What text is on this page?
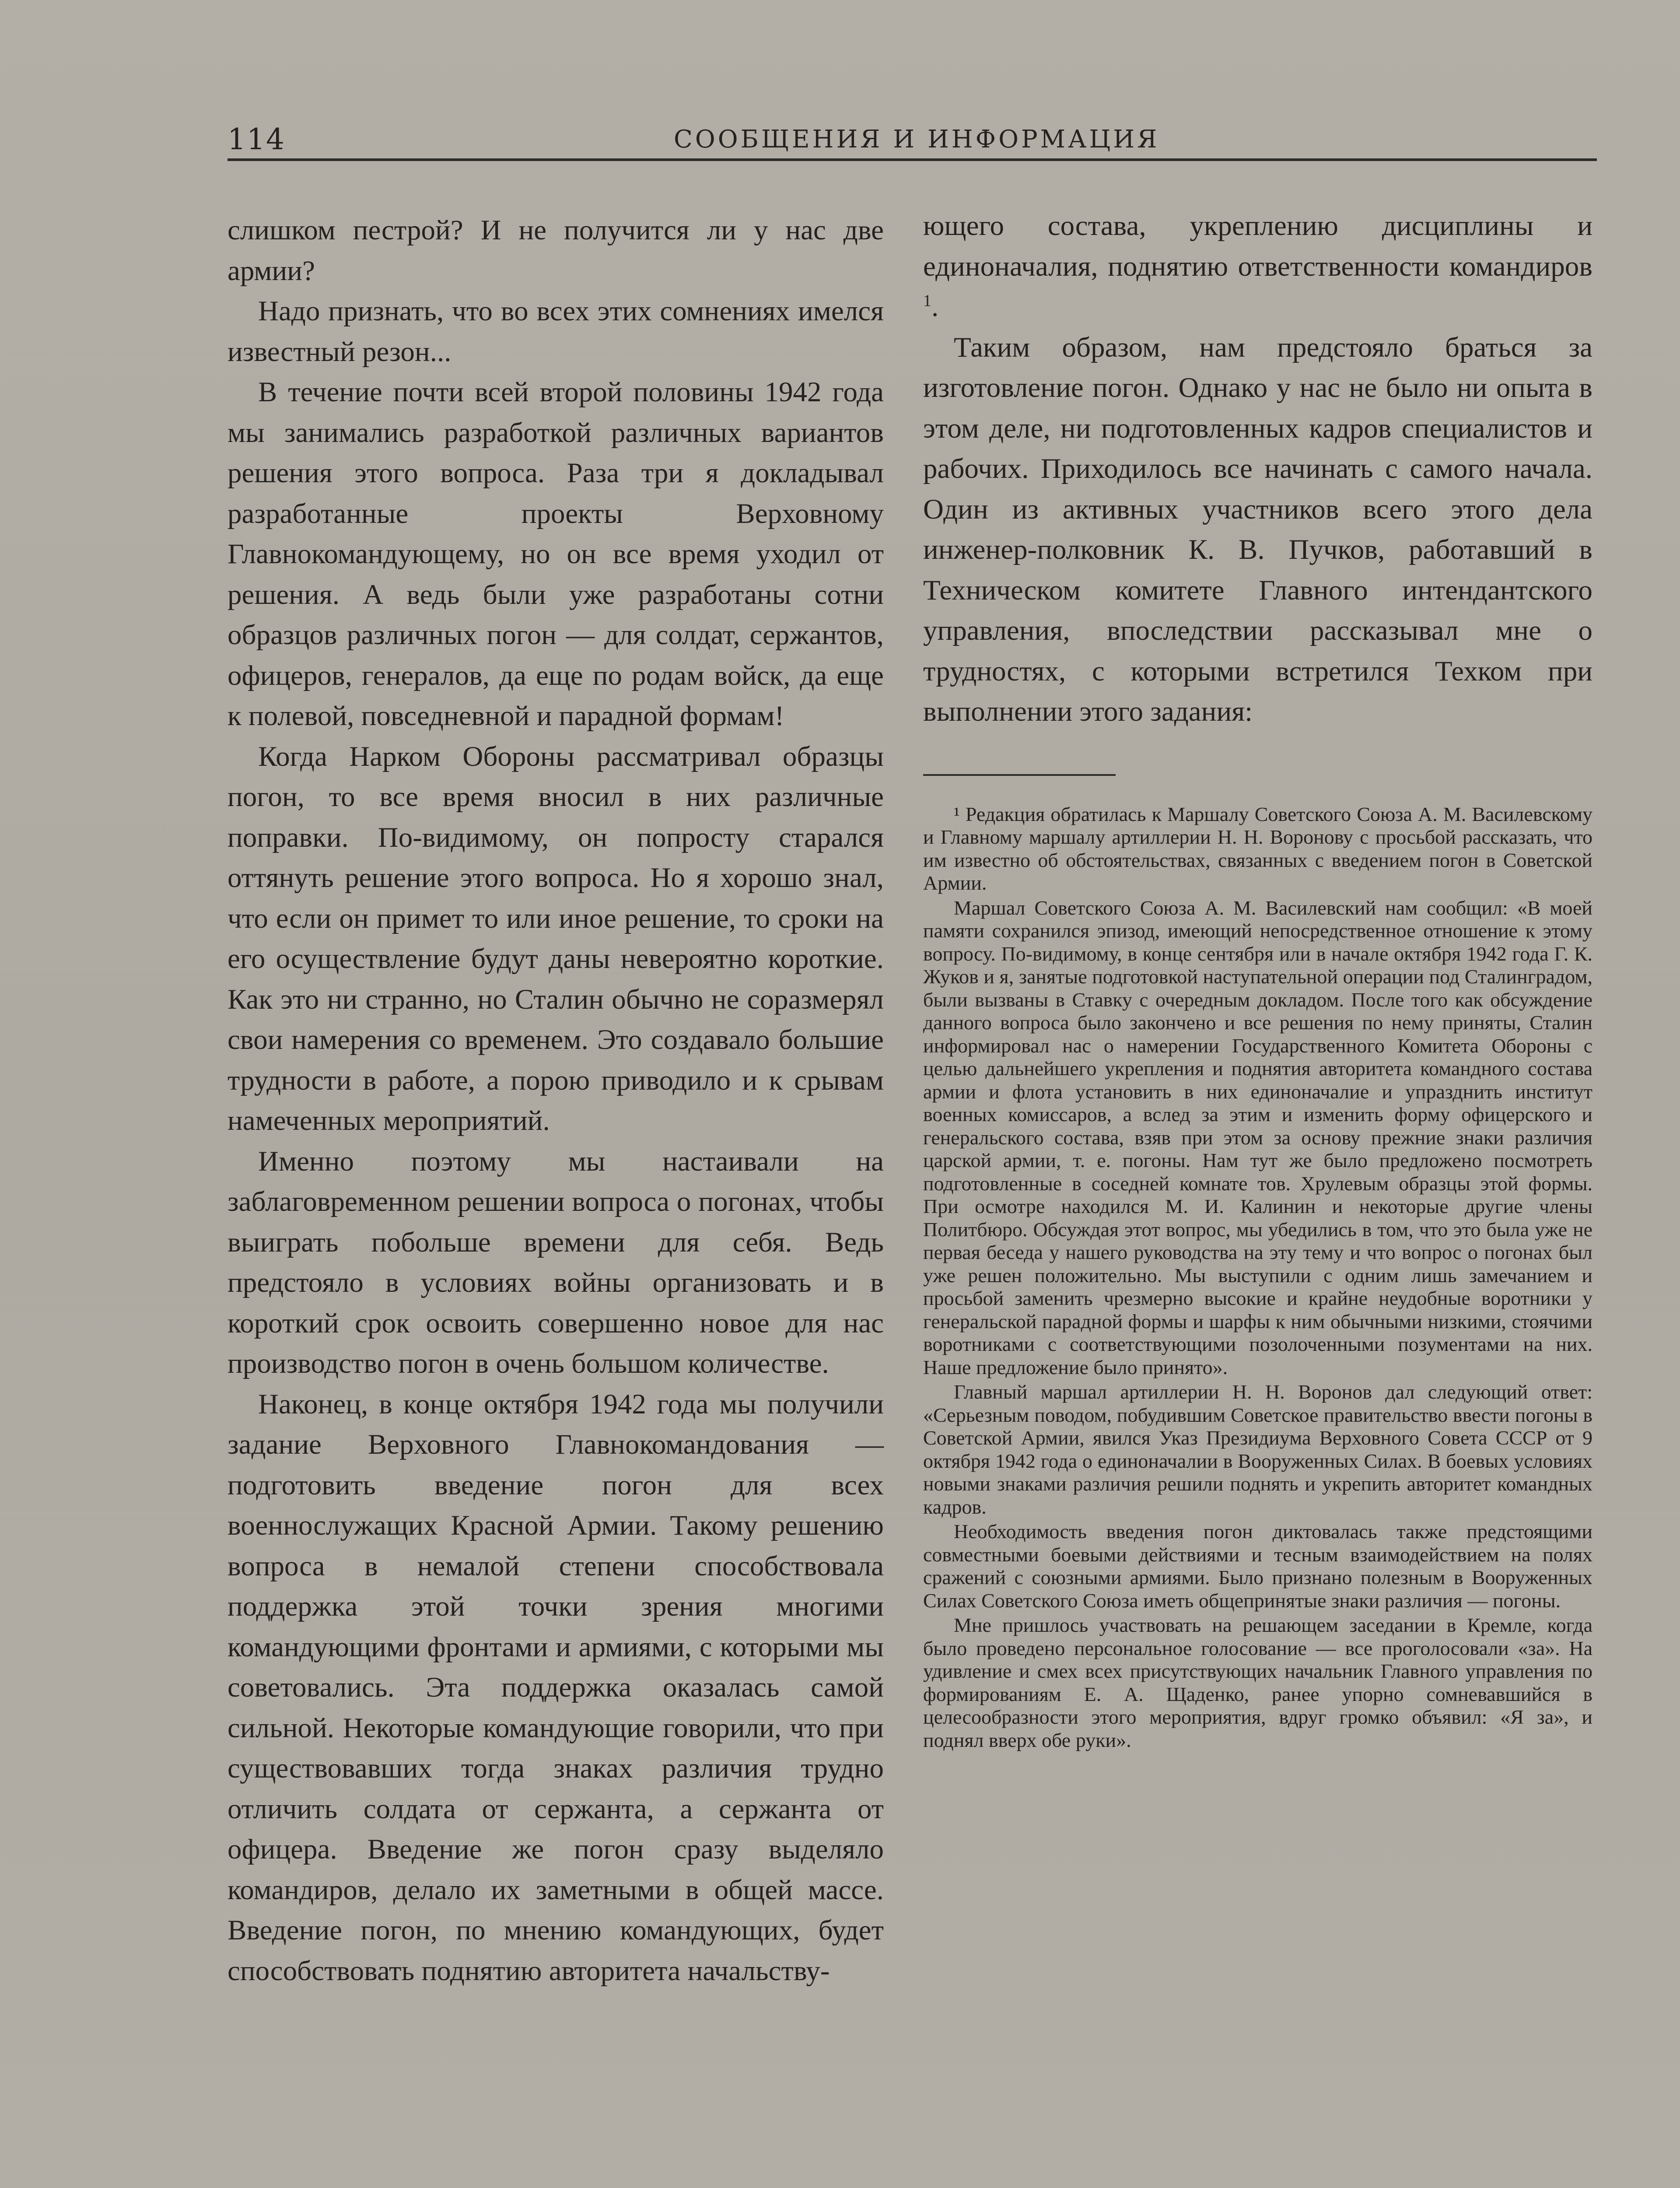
114	СООБЩЕНИЯ И ИНФОРМАЦИЯ

слишком пестрой? И не получится ли у нас две армии?

Надо признать, что во всех этих сомнениях имелся известный резон...

В течение почти всей второй половины 1942 года мы занимались разработкой различных вариантов решения этого вопроса. Раза три я докладывал разработанные проекты Верховному Главнокомандующему, но он все время уходил от решения. А ведь были уже разработаны сотни образцов различных погон — для солдат, сержантов, офицеров, генералов, да еще по родам войск, да еще к полевой, повседневной и парадной формам!

Когда Нарком Обороны рассматривал образцы погон, то все время вносил в них различные поправки. По-видимому, он попросту старался оттянуть решение этого вопроса. Но я хорошо знал, что если он примет то или иное решение, то сроки на его осуществление будут даны невероятно короткие. Как это ни странно, но Сталин обычно не соразмерял свои намерения со временем. Это создавало большие трудности в работе, а порою приводило и к срывам намеченных мероприятий.

Именно поэтому мы настаивали на заблаговременном решении вопроса о погонах, чтобы выиграть побольше времени для себя. Ведь предстояло в условиях войны организовать и в короткий срок освоить совершенно новое для нас производство погон в очень большом количестве.

Наконец, в конце октября 1942 года мы получили задание Верховного Главнокомандования — подготовить введение погон для всех военнослужащих Красной Армии. Такому решению вопроса в немалой степени способствовала поддержка этой точки зрения многими командующими фронтами и армиями, с которыми мы советовались. Эта поддержка оказалась самой сильной. Некоторые командующие говорили, что при существовавших тогда знаках различия трудно отличить солдата от сержанта, а сержанта от офицера. Введение же погон сразу выделяло командиров, делало их заметными в общей массе. Введение погон, по мнению командующих, будет способствовать поднятию авторитета начальству-

ющего состава, укреплению дисциплины и единоначалия, поднятию ответственности командиров $^1$.

Таким образом, нам предстояло браться за изготовление погон. Однако у нас не было ни опыта в этом деле, ни подготовленных кадров специалистов и рабочих. Приходилось все начинать с самого начала. Один из активных участников всего этого дела инженер-полковник К. В. Пучков, работавший в Техническом комитете Главного интендантского управления, впоследствии рассказывал мне о трудностях, с которыми встретился Техком при выполнении этого задания:

¹ Редакция обратилась к Маршалу Советского Союза А. М. Василевскому и Главному маршалу артиллерии Н. Н. Воронову с просьбой рассказать, что им известно об обстоятельствах, связанных с введением погон в Советской Армии.

Маршал Советского Союза А. М. Василевский нам сообщил: «В моей памяти сохранился эпизод, имеющий непосредственное отношение к этому вопросу. По-видимому, в конце сентября или в начале октября 1942 года Г. К. Жуков и я, занятые подготовкой наступательной операции под Сталинградом, были вызваны в Ставку с очередным докладом. После того как обсуждение данного вопроса было закончено и все решения по нему приняты, Сталин информировал нас о намерении Государственного Комитета Обороны с целью дальнейшего укрепления и поднятия авторитета командного состава армии и флота установить в них единоначалие и упразднить институт военных комиссаров, а вслед за этим и изменить форму офицерского и генеральского состава, взяв при этом за основу прежние знаки различия царской армии, т. е. погоны. Нам тут же было предложено посмотреть подготовленные в соседней комнате тов. Хрулевым образцы этой формы. При осмотре находился М. И. Калинин и некоторые другие члены Политбюро. Обсуждая этот вопрос, мы убедились в том, что это была уже не первая беседа у нашего руководства на эту тему и что вопрос о погонах был уже решен положительно. Мы выступили с одним лишь замечанием и просьбой заменить чрезмерно высокие и крайне неудобные воротники у генеральской парадной формы и шарфы к ним обычными низкими, стоячими воротниками с соответствующими позолоченными позументами на них. Наше предложение было принято».

Главный маршал артиллерии Н. Н. Воронов дал следующий ответ: «Серьезным поводом, побудившим Советское правительство ввести погоны в Советской Армии, явился Указ Президиума Верховного Совета СССР от 9 октября 1942 года о единоначалии в Вооруженных Силах. В боевых условиях новыми знаками различия решили поднять и укрепить авторитет командных кадров.

Необходимость введения погон диктовалась также предстоящими совместными боевыми действиями и тесным взаимодействием на полях сражений с союзными армиями. Было признано полезным в Вооруженных Силах Советского Союза иметь общепринятые знаки различия — погоны.

Мне пришлось участвовать на решающем заседании в Кремле, когда было проведено персональное голосование — все проголосовали «за». На удивление и смех всех присутствующих начальник Главного управления по формированиям Е. А. Щаденко, ранее упорно сомневавшийся в целесообразности этого мероприятия, вдруг громко объявил: «Я за», и поднял вверх обе руки».
